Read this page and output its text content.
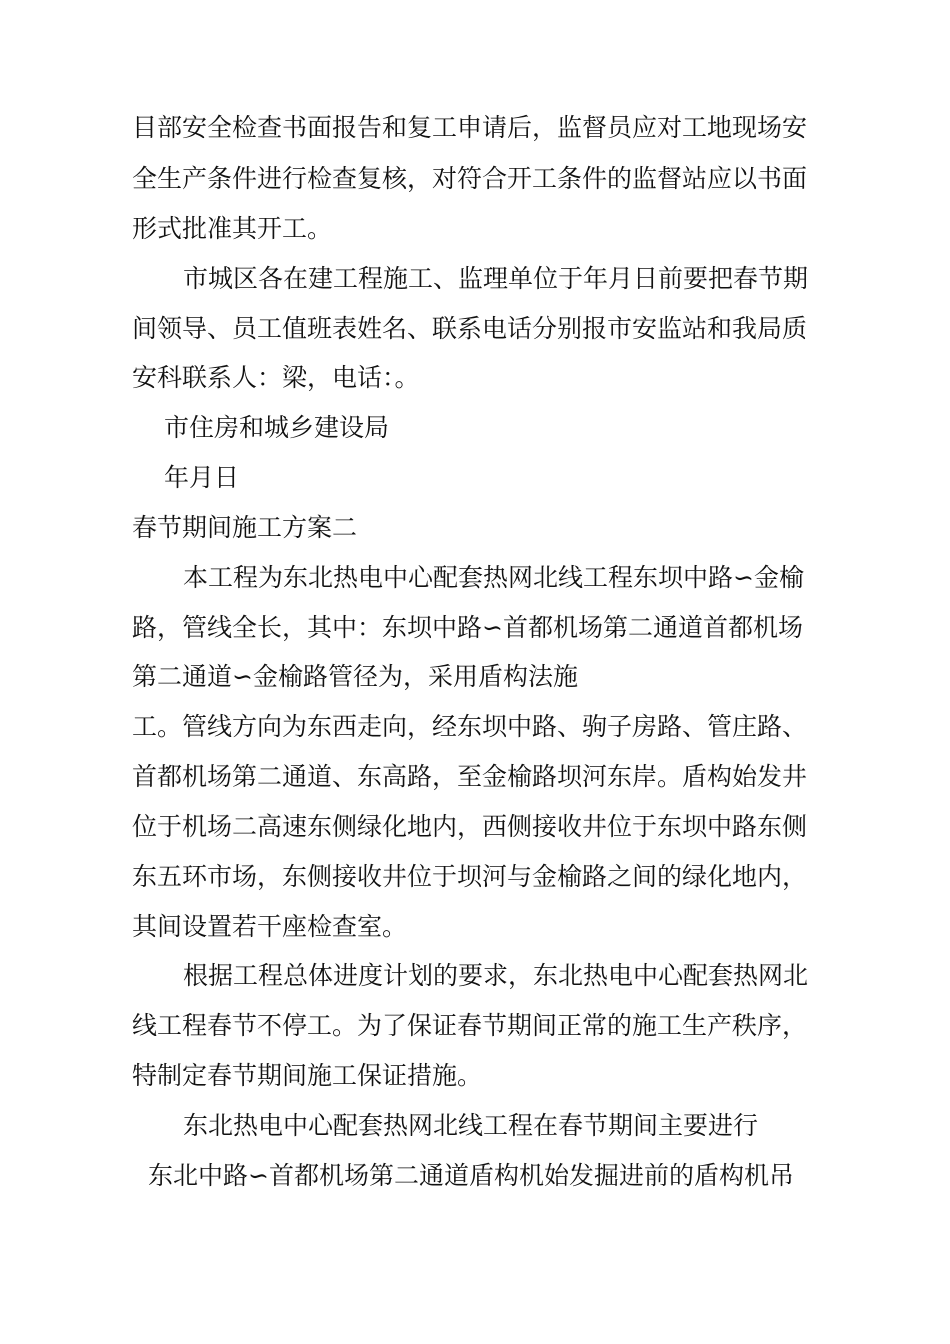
目部安全检查书面报告和复工申请后，监督员应对工地现场安
全生产条件进行检查复核，对符合开工条件的监督站应以书面
形式批准其开工。
市城区各在建工程施工、监理单位于年月日前要把春节期
间领导、员工值班表姓名、联系电话分别报市安监站和我局质
安科联系人：梁，电话：。
市住房和城乡建设局
年月日
春节期间施工方案二
本工程为东北热电中心配套热网北线工程东坝中路∽金榆
路，管线全长，其中：东坝中路∽首都机场第二通道首都机场
第二通道∽金榆路管径为，采用盾构法施
工。管线方向为东西走向，经东坝中路、驹子房路、管庄路、
首都机场第二通道、东高路，至金榆路坝河东岸。盾构始发井
位于机场二高速东侧绿化地内，西侧接收井位于东坝中路东侧
东五环市场，东侧接收井位于坝河与金榆路之间的绿化地内，
其间设置若干座检查室。
根据工程总体进度计划的要求，东北热电中心配套热网北
线工程春节不停工。为了保证春节期间正常的施工生产秩序，
特制定春节期间施工保证措施。
东北热电中心配套热网北线工程在春节期间主要进行
东北中路∽首都机场第二通道盾构机始发掘进前的盾构机吊
